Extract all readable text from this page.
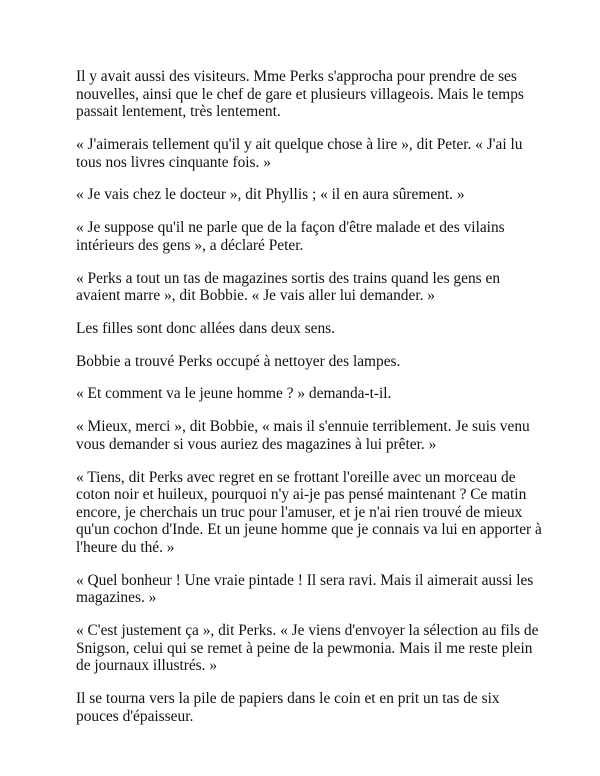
Il y avait aussi des visiteurs. Mme Perks s'approcha pour prendre de ses nouvelles, ainsi que le chef de gare et plusieurs villageois. Mais le temps passait lentement, très lentement.

« J'aimerais tellement qu'il y ait quelque chose à lire », dit Peter. « J'ai lu tous nos livres cinquante fois. »

« Je vais chez le docteur », dit Phyllis ; « il en aura sûrement. »

« Je suppose qu'il ne parle que de la façon d'être malade et des vilains intérieurs des gens », a déclaré Peter.

« Perks a tout un tas de magazines sortis des trains quand les gens en avaient marre », dit Bobbie. « Je vais aller lui demander. »

Les filles sont donc allées dans deux sens.

Bobbie a trouvé Perks occupé à nettoyer des lampes.

« Et comment va le jeune homme ? » demanda-t-il.

« Mieux, merci », dit Bobbie, « mais il s'ennuie terriblement. Je suis venu vous demander si vous auriez des magazines à lui prêter. »

« Tiens, dit Perks avec regret en se frottant l'oreille avec un morceau de coton noir et huileux, pourquoi n'y ai-je pas pensé maintenant ? Ce matin encore, je cherchais un truc pour l'amuser, et je n'ai rien trouvé de mieux qu'un cochon d'Inde. Et un jeune homme que je connais va lui en apporter à l'heure du thé. »

« Quel bonheur ! Une vraie pintade ! Il sera ravi. Mais il aimerait aussi les magazines. »

« C'est justement ça », dit Perks. « Je viens d'envoyer la sélection au fils de Snigson, celui qui se remet à peine de la pewmonia. Mais il me reste plein de journaux illustrés. »

Il se tourna vers la pile de papiers dans le coin et en prit un tas de six pouces d'épaisseur.
